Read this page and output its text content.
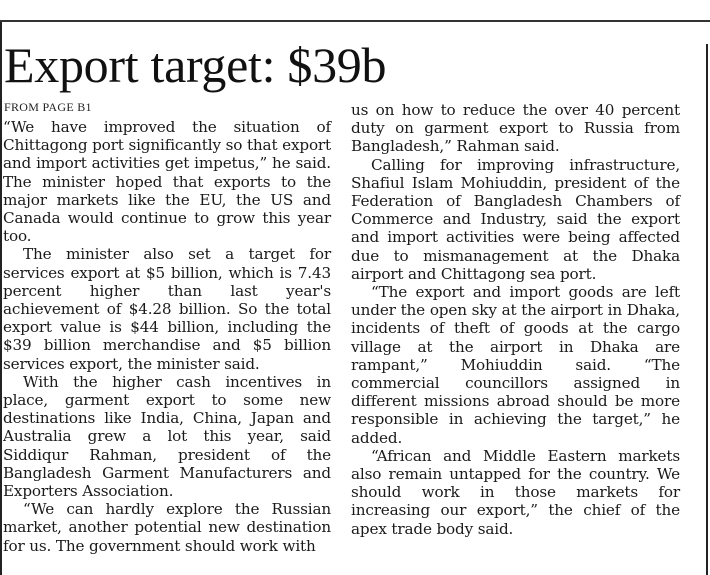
Export target: $39b
FROM PAGE B1

“We have improved the situation of Chittagong port significantly so that export and import activities get impetus,” he said. The minister hoped that exports to the major markets like the EU, the US and Canada would continue to grow this year too.

The minister also set a target for services export at $5 billion, which is 7.43 percent higher than last year's achievement of $4.28 billion. So the total export value is $44 billion, including the $39 billion merchandise and $5 billion services export, the minister said.

With the higher cash incentives in place, garment export to some new destinations like India, China, Japan and Australia grew a lot this year, said Siddiqur Rahman, president of the Bangladesh Garment Manufacturers and Exporters Association.

“We can hardly explore the Russian market, another potential new destination for us. The government should work with

us on how to reduce the over 40 percent duty on garment export to Russia from Bangladesh,” Rahman said.

Calling for improving infrastructure, Shafiul Islam Mohiuddin, president of the Federation of Bangladesh Chambers of Commerce and Industry, said the export and import activities were being affected due to mismanagement at the Dhaka airport and Chittagong sea port.

“The export and import goods are left under the open sky at the airport in Dhaka, incidents of theft of goods at the cargo village at the airport in Dhaka are rampant,” Mohiuddin said. “The commercial councillors assigned in different missions abroad should be more responsible in achieving the target,” he added.

“African and Middle Eastern markets also remain untapped for the country. We should work in those markets for increasing our export,” the chief of the apex trade body said.
